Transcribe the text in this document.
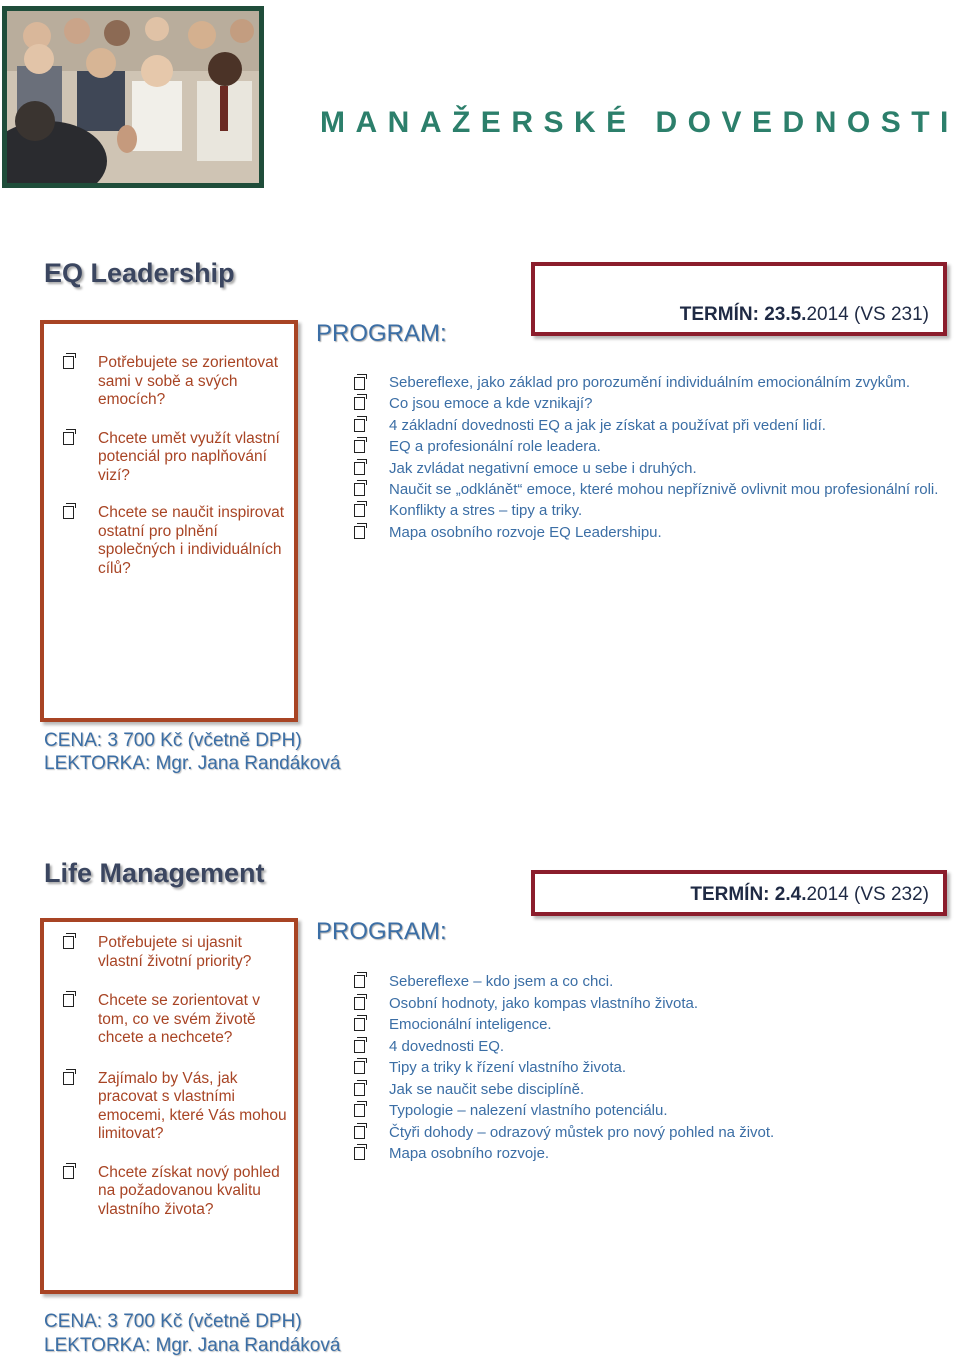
MANAŽERSKÉ DOVEDNOSTI
EQ Leadership
TERMÍN: 23.5.2014 (VS 231)
Potřebujete se zorientovat sami v sobě a svých emocích?
Chcete umět využít vlastní potenciál pro naplňování vizí?
Chcete se naučit inspirovat ostatní pro plnění společných i individuálních cílů?
PROGRAM:
Sebereflexe, jako základ pro porozumění individuálním emocionálním zvykům.
Co jsou emoce a kde vznikají?
4 základní dovednosti EQ a jak je získat a používat při vedení lidí.
EQ a profesionální role leadera.
Jak zvládat negativní emoce u sebe i druhých.
Naučit se „odklánět“ emoce, které mohou nepříznivě ovlivnit mou profesionální roli.
Konflikty a stres – tipy a triky.
Mapa osobního rozvoje EQ Leadershipu.
CENA: 3 700 Kč (včetně DPH)
LEKTORKA: Mgr. Jana Randáková
Life Management
TERMÍN: 2.4.2014 (VS 232)
Potřebujete si ujasnit vlastní životní priority?
Chcete se zorientovat v tom, co ve svém životě chcete a nechcete?
Zajímalo by Vás, jak pracovat s vlastními emocemi, které Vás mohou limitovat?
Chcete získat nový pohled na požadovanou kvalitu vlastního života?
PROGRAM:
Sebereflexe – kdo jsem a co chci.
Osobní hodnoty, jako kompas vlastního života.
Emocionální inteligence.
4 dovednosti EQ.
Tipy a triky k řízení vlastního života.
Jak se naučit sebe disciplíně.
Typologie – nalezení vlastního potenciálu.
Čtyři dohody – odrazový můstek pro nový pohled na život.
Mapa osobního rozvoje.
CENA: 3 700 Kč (včetně DPH)
LEKTORKA: Mgr. Jana Randáková
